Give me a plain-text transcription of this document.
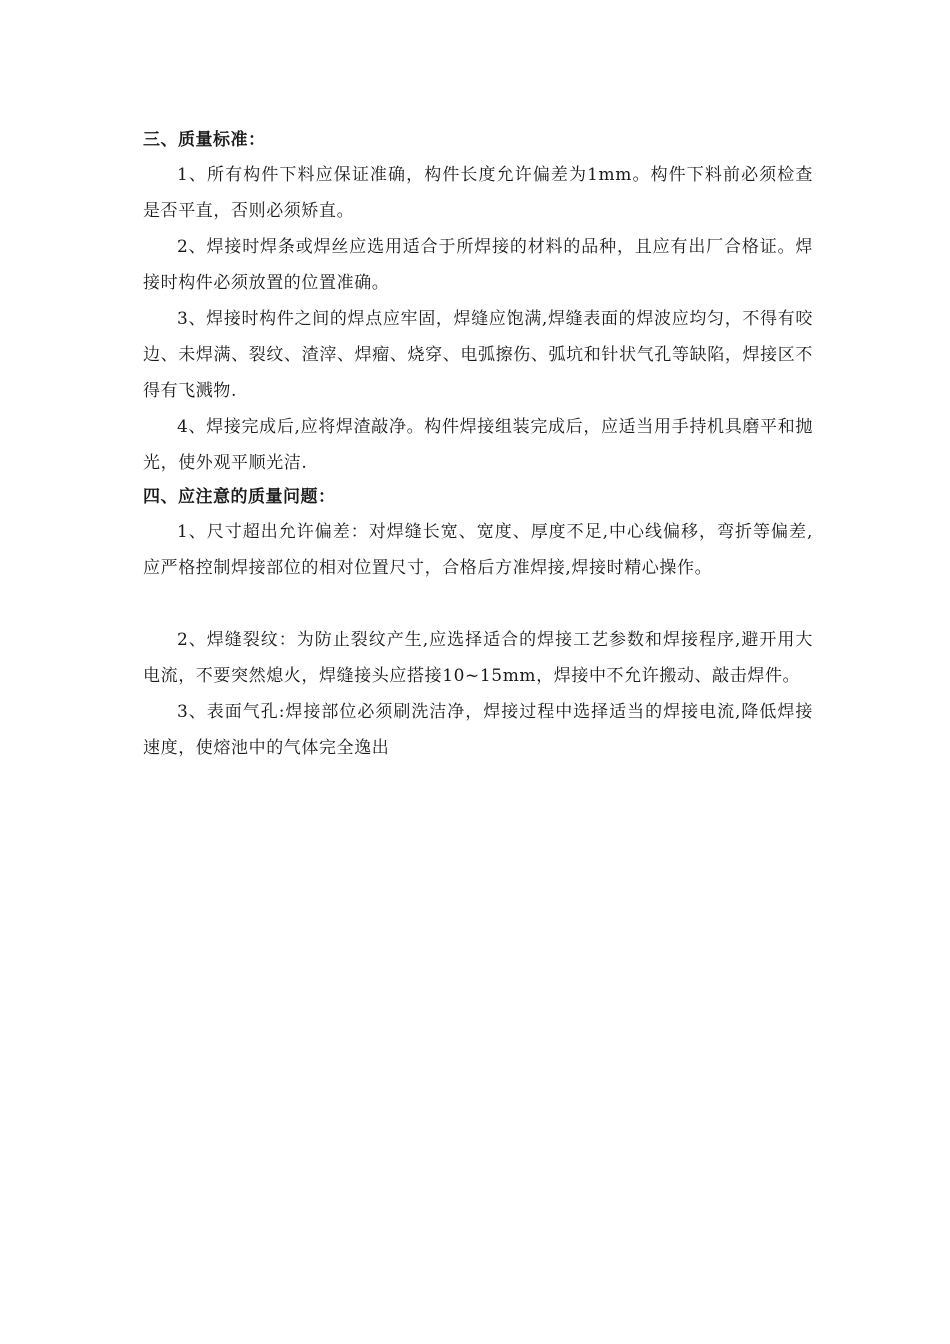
三、质量标准：

1、所有构件下料应保证准确，构件长度允许偏差为1mm。构件下料前必须检查是否平直，否则必须矫直。

2、焊接时焊条或焊丝应选用适合于所焊接的材料的品种，且应有出厂合格证。焊接时构件必须放置的位置准确。

3、焊接时构件之间的焊点应牢固，焊缝应饱满,焊缝表面的焊波应均匀，不得有咬边、未焊满、裂纹、渣滓、焊瘤、烧穿、电弧擦伤、弧坑和针状气孔等缺陷，焊接区不得有飞溅物.

4、焊接完成后,应将焊渣敲净。构件焊接组装完成后，应适当用手持机具磨平和抛光，使外观平顺光洁.

四、应注意的质量问题：

1、尺寸超出允许偏差：对焊缝长宽、宽度、厚度不足,中心线偏移，弯折等偏差,应严格控制焊接部位的相对位置尺寸，合格后方准焊接,焊接时精心操作。

2、焊缝裂纹：为防止裂纹产生,应选择适合的焊接工艺参数和焊接程序,避开用大电流，不要突然熄火，焊缝接头应搭接10~15mm，焊接中不允许搬动、敲击焊件。

3、表面气孔:焊接部位必须刷洗洁净，焊接过程中选择适当的焊接电流,降低焊接速度，使熔池中的气体完全逸出
